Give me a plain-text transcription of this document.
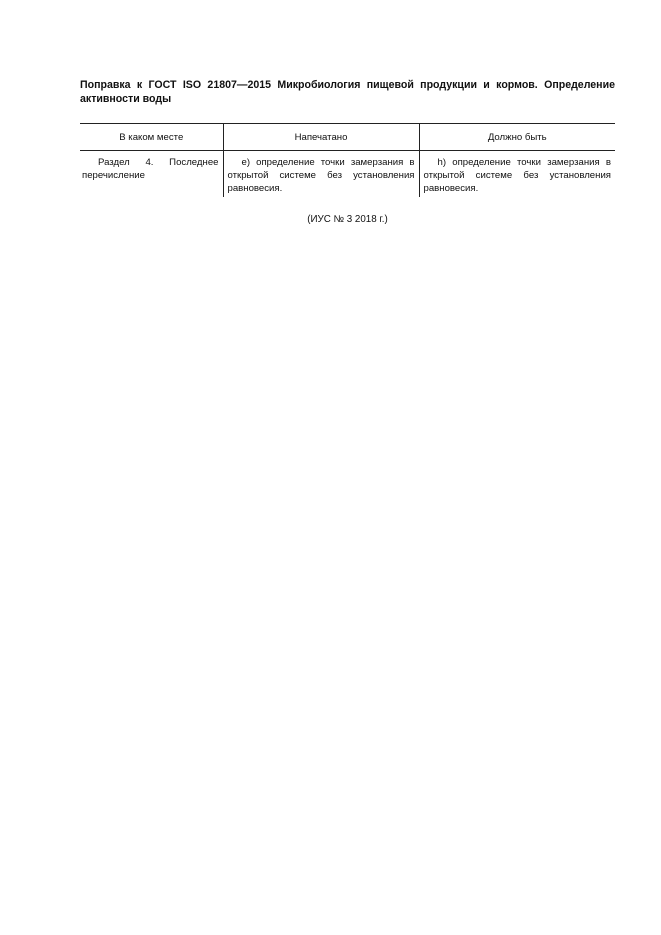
Поправка к ГОСТ ISO 21807—2015 Микробиология пищевой продукции и кормов. Определение активности воды
В каком месте	Напечатано	Должно быть
Раздел 4. Последнее перечисление	e) определение точки замерзания в открытой системе без установления равновесия.	h) определение точки замерзания в открытой системе без установления равновесия.
(ИУС № 3 2018 г.)
